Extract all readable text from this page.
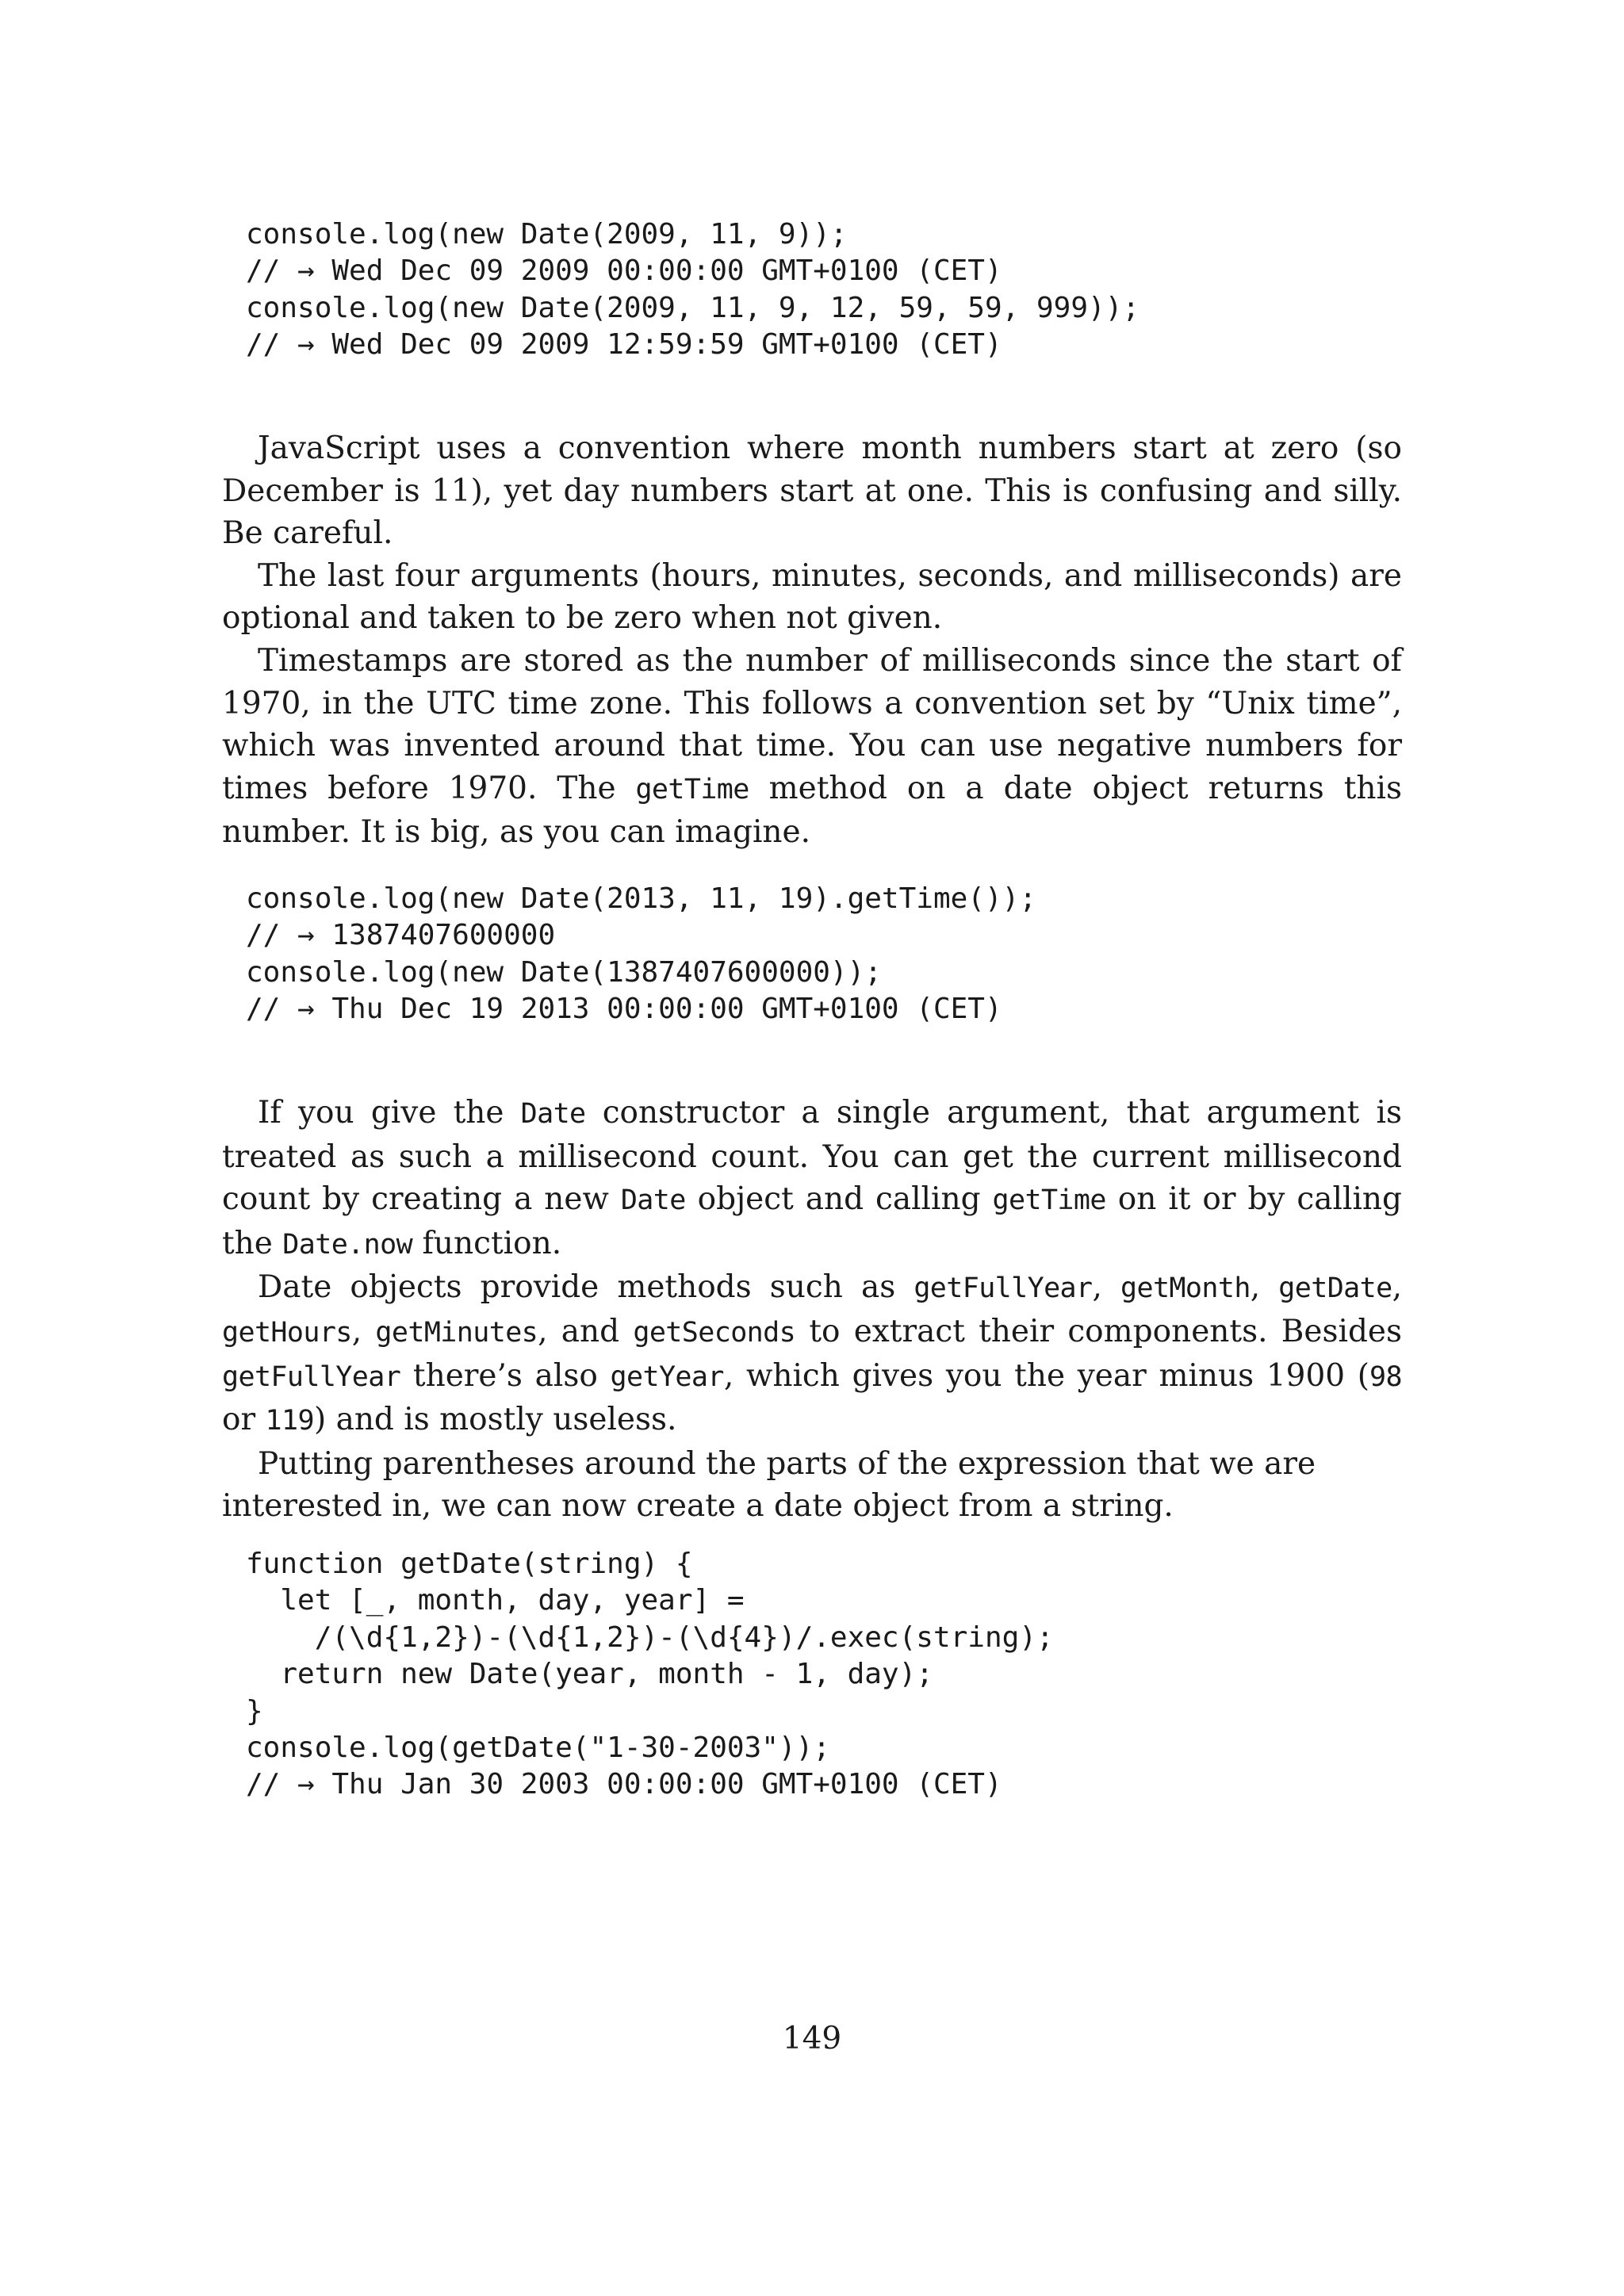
console.log(new Date(2009, 11, 9));
// → Wed Dec 09 2009 00:00:00 GMT+0100 (CET)
console.log(new Date(2009, 11, 9, 12, 59, 59, 999));
// → Wed Dec 09 2009 12:59:59 GMT+0100 (CET)

JavaScript uses a convention where month numbers start at zero (so December is 11), yet day numbers start at one. This is confusing and silly. Be careful.

The last four arguments (hours, minutes, seconds, and milliseconds) are optional and taken to be zero when not given.

Timestamps are stored as the number of milliseconds since the start of 1970, in the UTC time zone. This follows a convention set by “Unix time”, which was invented around that time. You can use negative numbers for times before 1970. The getTime method on a date object returns this number. It is big, as you can imagine.

console.log(new Date(2013, 11, 19).getTime());
// → 1387407600000
console.log(new Date(1387407600000));
// → Thu Dec 19 2013 00:00:00 GMT+0100 (CET)

If you give the Date constructor a single argument, that argument is treated as such a millisecond count. You can get the current millisecond count by creating a new Date object and calling getTime on it or by calling the Date.now function.

Date objects provide methods such as getFullYear, getMonth, getDate, getHours, getMinutes, and getSeconds to extract their components. Besides getFullYear there’s also getYear, which gives you the year minus 1900 (98 or 119) and is mostly useless.

Putting parentheses around the parts of the expression that we are interested in, we can now create a date object from a string.

function getDate(string) {
let [_, month, day, year] =
/(\d{1,2})-(\d{1,2})-(\d{4})/.exec(string);
return new Date(year, month - 1, day);
}
console.log(getDate("1-30-2003"));
// → Thu Jan 30 2003 00:00:00 GMT+0100 (CET)

149
